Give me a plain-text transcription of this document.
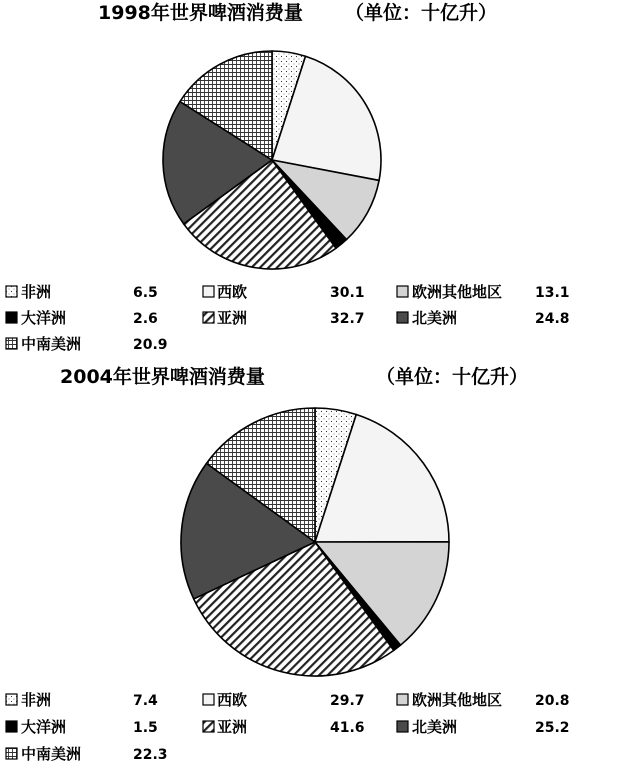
1998年世界啤酒消费量 （单位：十亿升）
非洲	6.5	西欧	30.1	欧洲其他地区 13.1
大洋洲	2.6	亚洲	32.7	北美洲	24.8
中南美洲	20.9
2004年世界啤酒消费量	（单位：十亿升）
非洲	7.4	西欧	29.7	欧洲其他地区 20.8
大洋洲	1.5	亚洲	41.6	北美洲	25.2
中南美洲	22.3
